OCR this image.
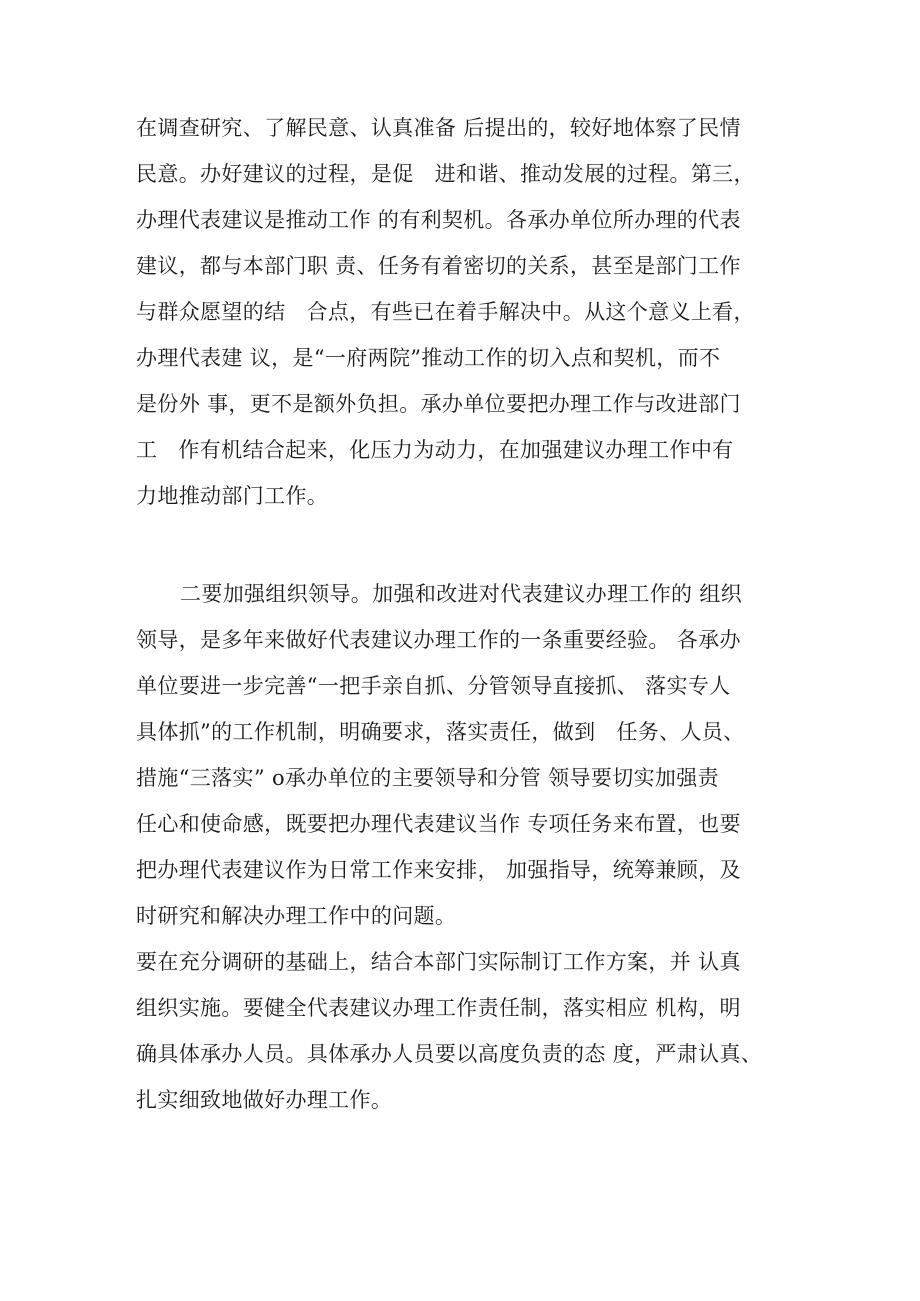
在调查研究、了解民意、认真准备 后提出的，较好地体察了民情

民意。办好建议的过程，是促   进和谐、推动发展的过程。第三，

办理代表建议是推动工作 的有利契机。各承办单位所办理的代表

建议，都与本部门职 责、任务有着密切的关系，甚至是部门工作

与群众愿望的结   合点，有些已在着手解决中。从这个意义上看，

办理代表建 议，是“一府两院”推动工作的切入点和契机，而不

是份外 事，更不是额外负担。承办单位要把办理工作与改进部门

工   作有机结合起来，化压力为动力，在加强建议办理工作中有

力地推动部门工作。

二要加强组织领导。加强和改进对代表建议办理工作的 组织

领导，是多年来做好代表建议办理工作的一条重要经验。 各承办

单位要进一步完善“一把手亲自抓、分管领导直接抓、 落实专人

具体抓”的工作机制，明确要求，落实责任，做到   任务、人员、

措施“三落实” o承办单位的主要领导和分管 领导要切实加强责

任心和使命感，既要把办理代表建议当作 专项任务来布置，也要

把办理代表建议作为日常工作来安排， 加强指导，统筹兼顾，及

时研究和解决办理工作中的问题。

要在充分调研的基础上，结合本部门实际制订工作方案，并 认真

组织实施。要健全代表建议办理工作责任制，落实相应 机构，明

确具体承办人员。具体承办人员要以高度负责的态 度，严肃认真、

扎实细致地做好办理工作。
